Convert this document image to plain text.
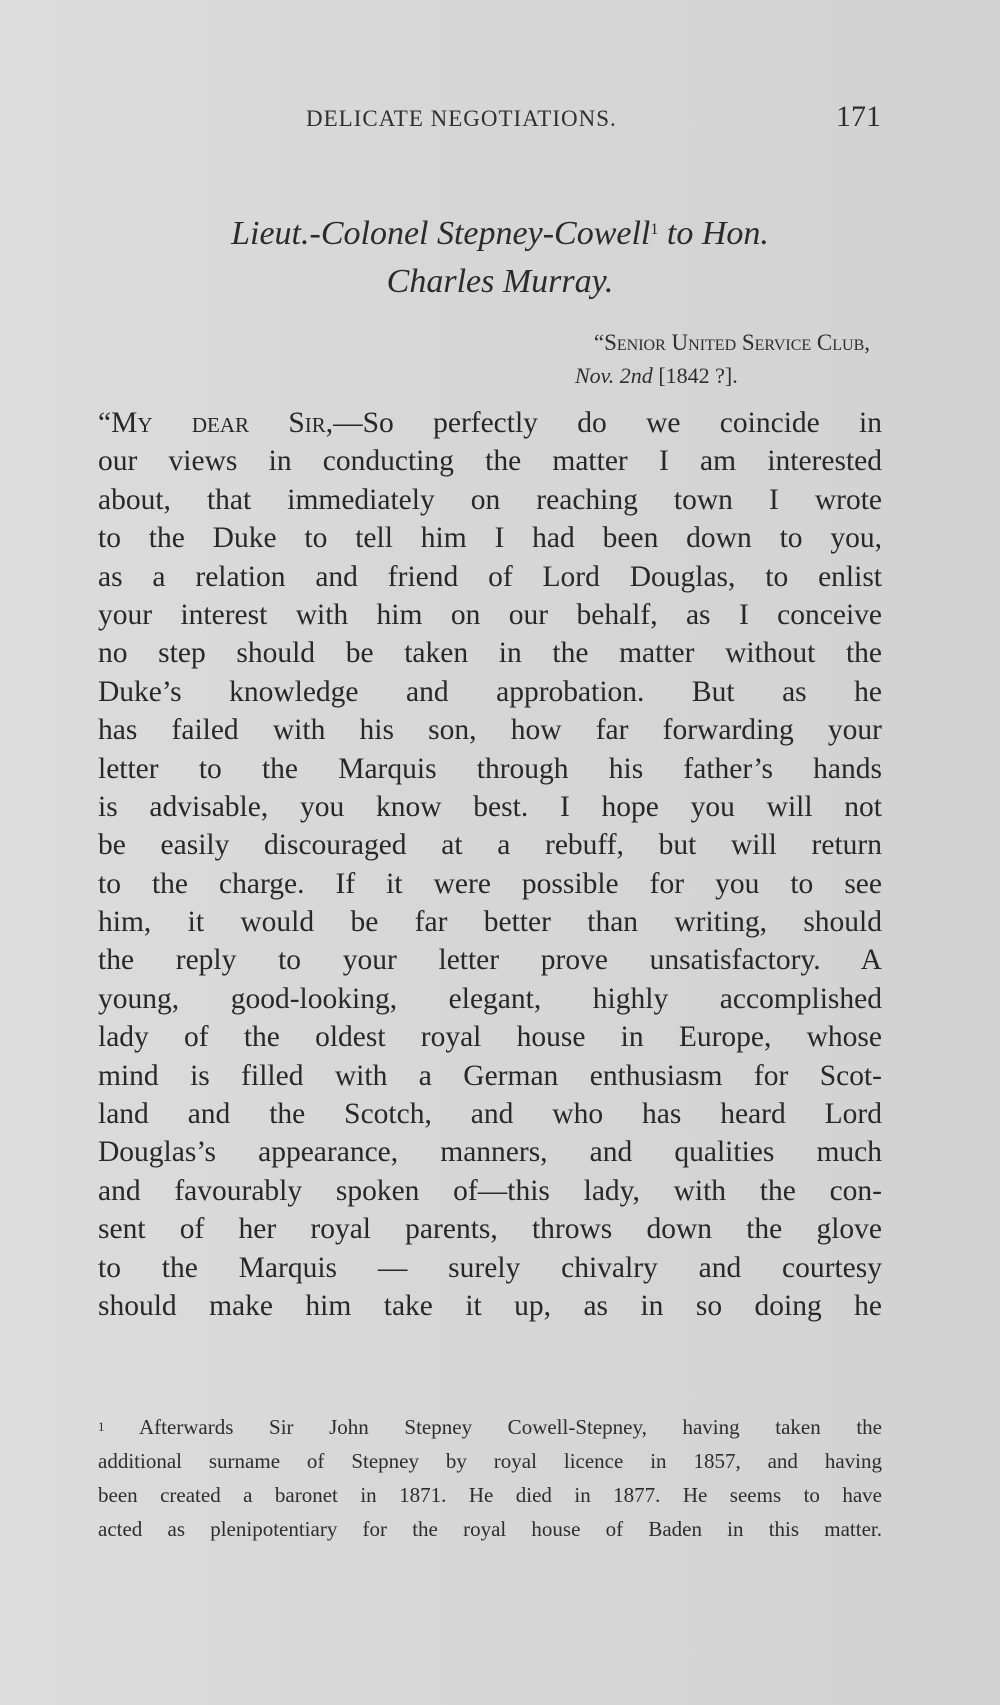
DELICATE NEGOTIATIONS.	171
Lieut.-Colonel Stepney-Cowell$^1$ to Hon.
Charles Murray.
“Senior United Service Club,
Nov. 2nd [1842 ?].
“My dear Sir,—So perfectly do we coincide in
our views in conducting the matter I am interested
about, that immediately on reaching town I wrote
to the Duke to tell him I had been down to you,
as a relation and friend of Lord Douglas, to enlist
your interest with him on our behalf, as I conceive
no step should be taken in the matter without the
Duke’s knowledge and approbation. But as he
has failed with his son, how far forwarding your
letter to the Marquis through his father’s hands
is advisable, you know best. I hope you will not
be easily discouraged at a rebuff, but will return
to the charge. If it were possible for you to see
him, it would be far better than writing, should
the reply to your letter prove unsatisfactory. A
young, good-looking, elegant, highly accomplished
lady of the oldest royal house in Europe, whose
mind is filled with a German enthusiasm for Scot-
land and the Scotch, and who has heard Lord
Douglas’s appearance, manners, and qualities much
and favourably spoken of—this lady, with the con-
sent of her royal parents, throws down the glove
to the Marquis — surely chivalry and courtesy
should make him take it up, as in so doing he
$^1$ Afterwards Sir John Stepney Cowell-Stepney, having taken the
additional surname of Stepney by royal licence in 1857, and having
been created a baronet in 1871. He died in 1877. He seems to have
acted as plenipotentiary for the royal house of Baden in this matter.
